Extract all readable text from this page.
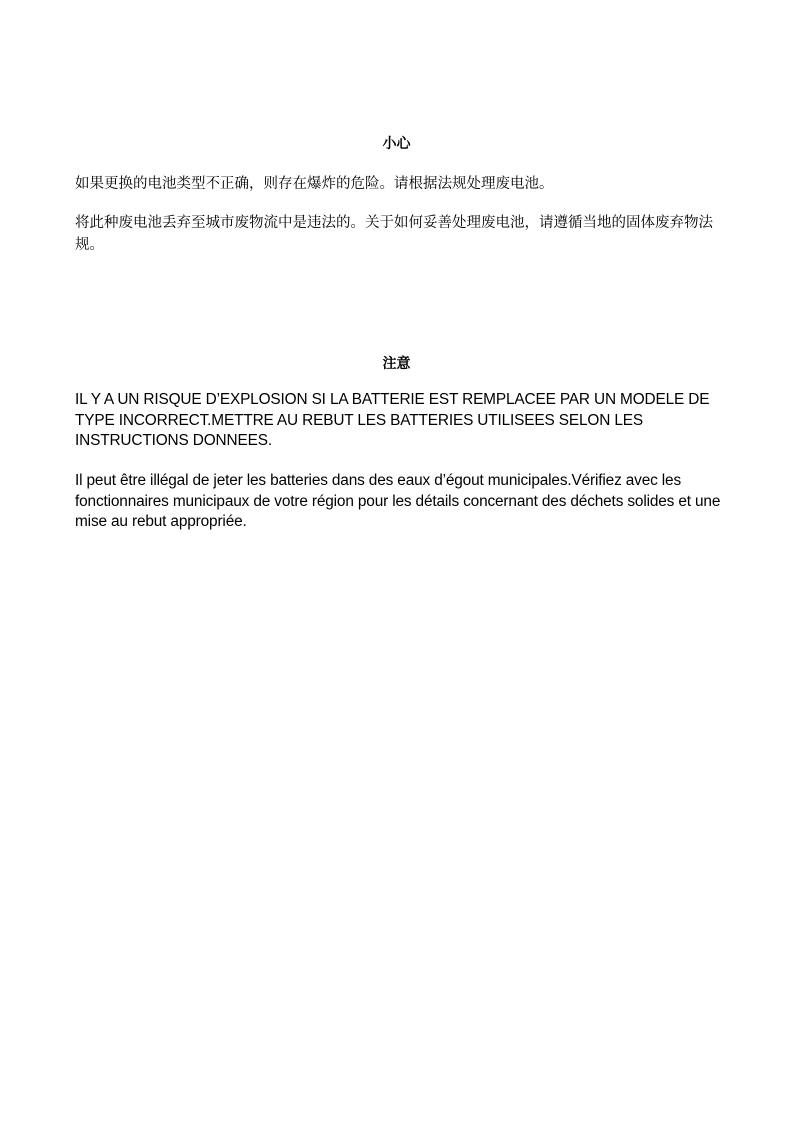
小心

如果更换的电池类型不正确，则存在爆炸的危险。请根据法规处理废电池。

将此种废电池丢弃至城市废物流中是违法的。关于如何妥善处理废电池，请遵循当地的固体废弃物法规。

注意

IL Y A UN RISQUE D’EXPLOSION SI LA BATTERIE EST REMPLACEE PAR UN MODELE DE TYPE INCORRECT.METTRE AU REBUT LES BATTERIES UTILISEES SELON LES INSTRUCTIONS DONNEES.

Il peut être illégal de jeter les batteries dans des eaux d’égout municipales.Vérifiez avec les fonctionnaires municipaux de votre région pour les détails concernant des déchets solides et une mise au rebut appropriée.
